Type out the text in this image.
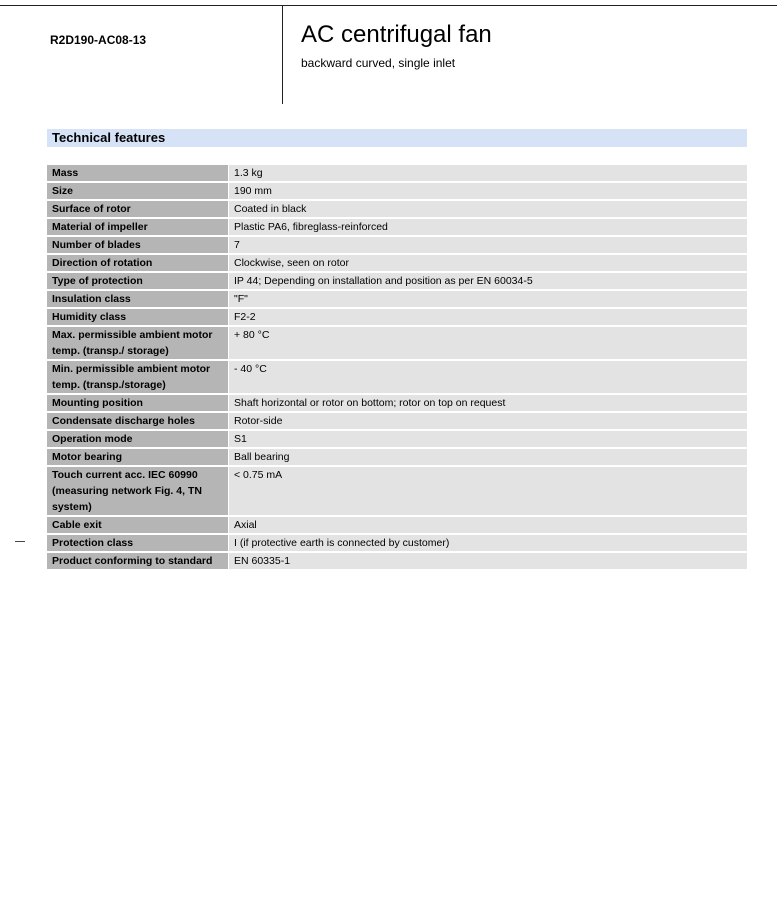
R2D190-AC08-13	AC centrifugal fan
backward curved, single inlet
Technical features
Mass	1.3 kg
Size	190 mm
Surface of rotor	Coated in black
Material of impeller	Plastic PA6, fibreglass-reinforced
Number of blades	7
Direction of rotation	Clockwise, seen on rotor
Type of protection	IP 44; Depending on installation and position as per EN 60034-5
Insulation class	"F"
Humidity class	F2-2
Max. permissible ambient motor temp. (transp./ storage)	+ 80 °C
Min. permissible ambient motor temp. (transp./storage)	- 40 °C
Mounting position	Shaft horizontal or rotor on bottom; rotor on top on request
Condensate discharge holes	Rotor-side
Operation mode	S1
Motor bearing	Ball bearing
Touch current acc. IEC 60990 (measuring network Fig. 4, TN system)	< 0.75 mA
Cable exit	Axial
Protection class	I (if protective earth is connected by customer)
Product conforming to standard	EN 60335-1
